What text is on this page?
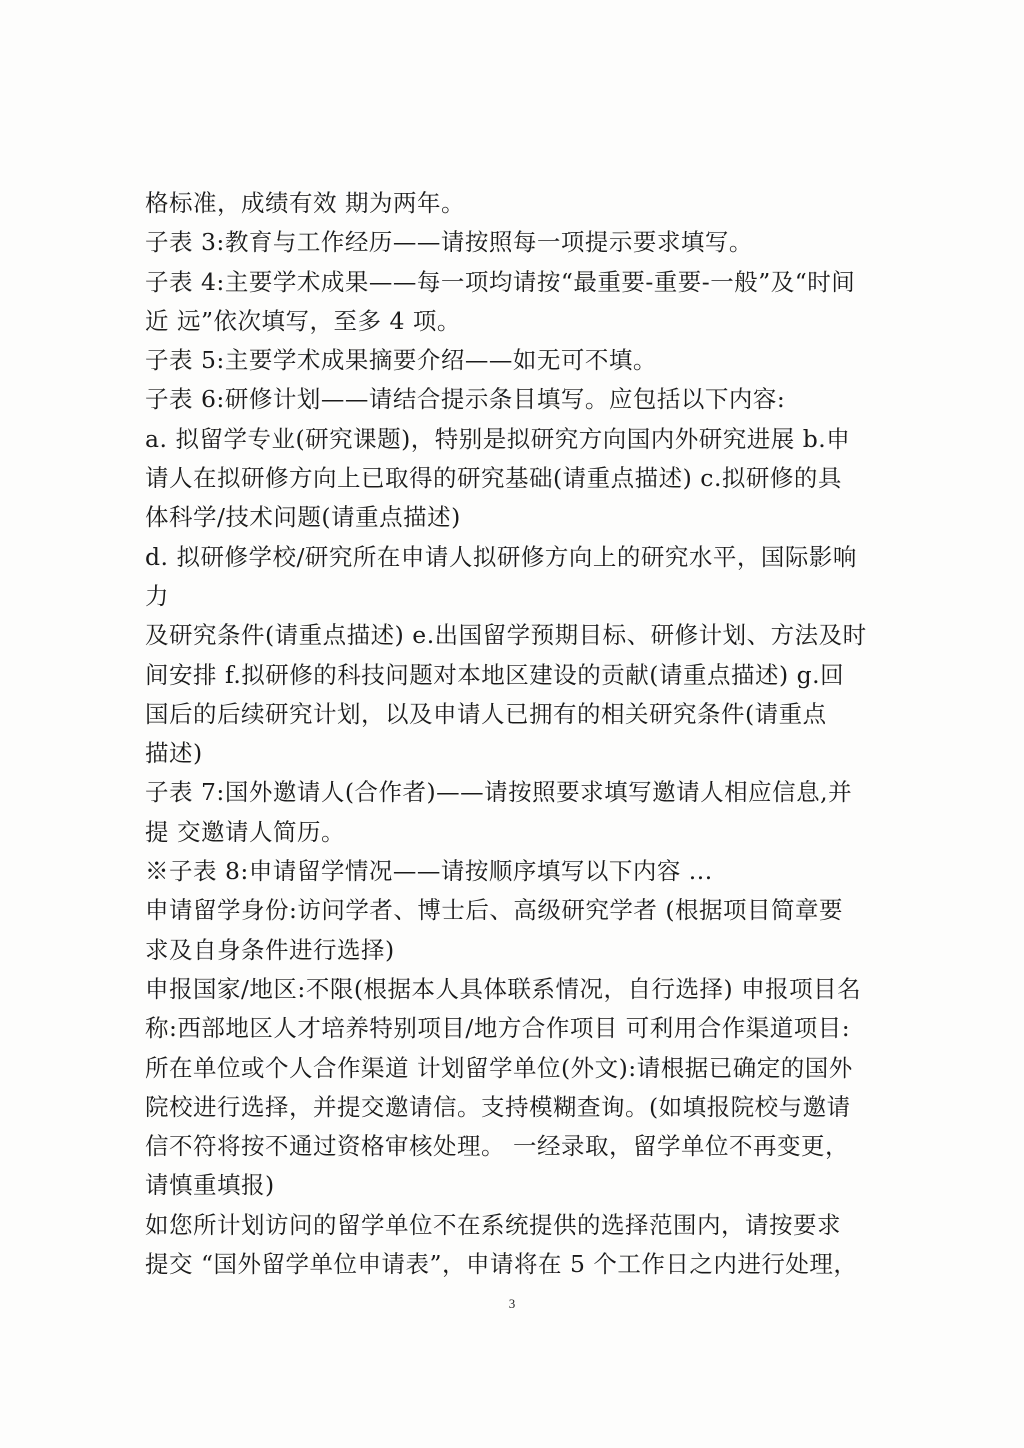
格标准，成绩有效 期为两年。
子表 3:教育与工作经历——请按照每一项提示要求填写。
子表 4:主要学术成果——每一项均请按“最重要-重要-一般”及“时间
近 远”依次填写，至多 4 项。
子表 5:主要学术成果摘要介绍——如无可不填。
子表 6:研修计划——请结合提示条目填写。应包括以下内容:
a. 拟留学专业(研究课题)，特别是拟研究方向国内外研究进展 b.申
请人在拟研修方向上已取得的研究基础(请重点描述) c.拟研修的具
体科学/技术问题(请重点描述)
d. 拟研修学校/研究所在申请人拟研修方向上的研究水平，国际影响
力
及研究条件(请重点描述) e.出国留学预期目标、研修计划、方法及时
间安排 f.拟研修的科技问题对本地区建设的贡献(请重点描述) g.回
国后的后续研究计划，以及申请人已拥有的相关研究条件(请重点
描述)
子表 7:国外邀请人(合作者)——请按照要求填写邀请人相应信息,并
提 交邀请人简历。
※子表 8:申请留学情况——请按顺序填写以下内容 ...
申请留学身份:访问学者、博士后、高级研究学者 (根据项目简章要
求及自身条件进行选择)
申报国家/地区:不限(根据本人具体联系情况，自行选择) 申报项目名
称:西部地区人才培养特别项目/地方合作项目 可利用合作渠道项目:
所在单位或个人合作渠道 计划留学单位(外文):请根据已确定的国外
院校进行选择，并提交邀请信。支持模糊查询。(如填报院校与邀请
信不符将按不通过资格审核处理。 一经录取，留学单位不再变更，
请慎重填报)
如您所计划访问的留学单位不在系统提供的选择范围内，请按要求
提交 “国外留学单位申请表”，申请将在 5 个工作日之内进行处理，
3
